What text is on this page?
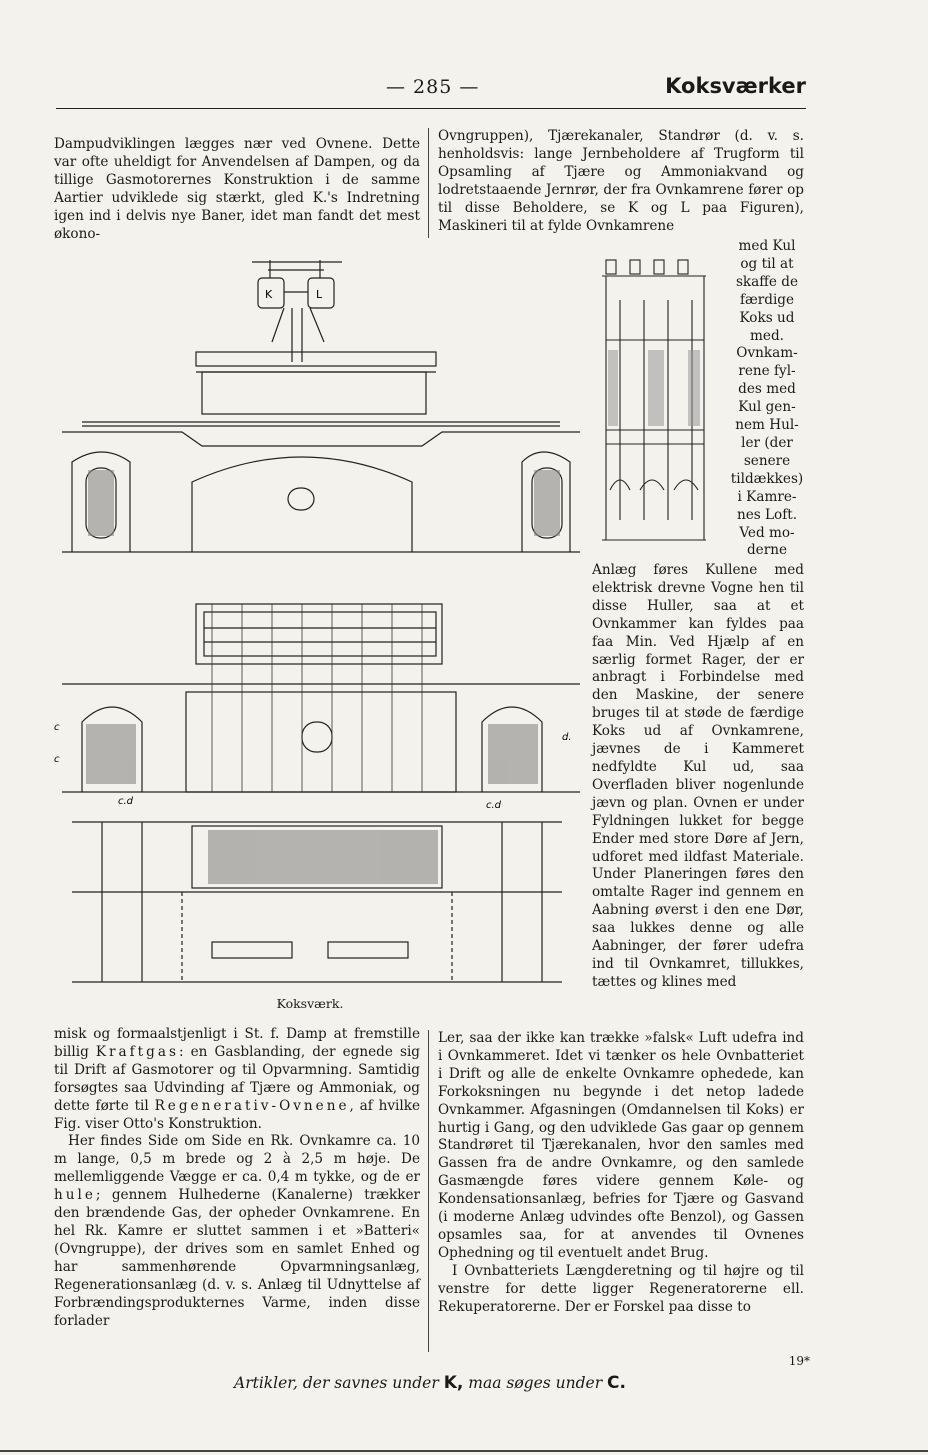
— 285 —	Koksværker

Dampudviklingen lægges nær ved Ovnene. Dette var ofte uheldigt for Anvendelsen af Dampen, og da tillige Gasmotorernes Konstruktion i de samme Aartier udviklede sig stærkt, gled K.'s Indretning igen ind i delvis nye Baner, idet man fandt det mest økono-

Ovngruppen), Tjærekanaler, Standrør (d. v. s. henholdsvis: lange Jernbeholdere af Trugform til Opsamling af Tjære og Ammoniakvand og lodretstaaende Jernrør, der fra Ovnkamrene fører op til disse Beholdere, se K og L paa Figuren), Maskineri til at fylde Ovnkamrene

K	L
c
c
c.d	c.d
d.
Koksværk.
med Kul
og til at
skaffe de
færdige
Koks ud
med.
Ovnkam-
rene fyl-
des med
Kul gen-
nem Hul-
ler (der
senere
tildækkes)
i Kamre-
nes Loft.
Ved mo-
derne

Anlæg føres Kullene med elektrisk drevne Vogne hen til disse Huller, saa at et Ovnkammer kan fyldes paa faa Min. Ved Hjælp af en særlig formet Rager, der er anbragt i Forbindelse med den Maskine, der senere bruges til at støde de færdige Koks ud af Ovnkamrene, jævnes de i Kammeret nedfyldte Kul ud, saa Overfladen bliver nogenlunde jævn og plan. Ovnen er under Fyldningen lukket for begge Ender med store Døre af Jern, udforet med ildfast Materiale. Under Planeringen føres den omtalte Rager ind gennem en Aabning øverst i den ene Dør, saa lukkes denne og alle Aabninger, der fører udefra ind til Ovnkamret, tillukkes, tættes og klines med

misk og formaalstjenligt i St. f. Damp at fremstille billig Kraftgas: en Gasblanding, der egnede sig til Drift af Gasmotorer og til Opvarmning. Samtidig forsøgtes saa Udvinding af Tjære og Ammoniak, og dette førte til Regenerativ-Ovnene, af hvilke Fig. viser Otto's Konstruktion.

Her findes Side om Side en Rk. Ovnkamre ca. 10 m lange, 0,5 m brede og 2 à 2,5 m høje. De mellemliggende Vægge er ca. 0,4 m tykke, og de er hule; gennem Hulhederne (Kanalerne) trækker den brændende Gas, der opheder Ovnkamrene. En hel Rk. Kamre er sluttet sammen i et »Batteri« (Ovngruppe), der drives som en samlet Enhed og har sammenhørende Opvarmningsanlæg, Regenerationsanlæg (d. v. s. Anlæg til Udnyttelse af Forbrændingsprodukternes Varme, inden disse forlader

Ler, saa der ikke kan trække »falsk« Luft udefra ind i Ovnkammeret. Idet vi tænker os hele Ovnbatteriet i Drift og alle de enkelte Ovnkamre ophedede, kan Forkoksningen nu begynde i det netop ladede Ovnkammer. Afgasningen (Omdannelsen til Koks) er hurtig i Gang, og den udviklede Gas gaar op gennem Standrøret til Tjærekanalen, hvor den samles med Gassen fra de andre Ovnkamre, og den samlede Gasmængde føres videre gennem Køle- og Kondensationsanlæg, befries for Tjære og Gasvand (i moderne Anlæg udvindes ofte Benzol), og Gassen opsamles saa, for at anvendes til Ovnenes Ophedning og til eventuelt andet Brug.

I Ovnbatteriets Længderetning og til højre og til venstre for dette ligger Regeneratorerne ell. Rekuperatorerne. Der er Forskel paa disse to

19*
Artikler, der savnes under K, maa søges under C.
